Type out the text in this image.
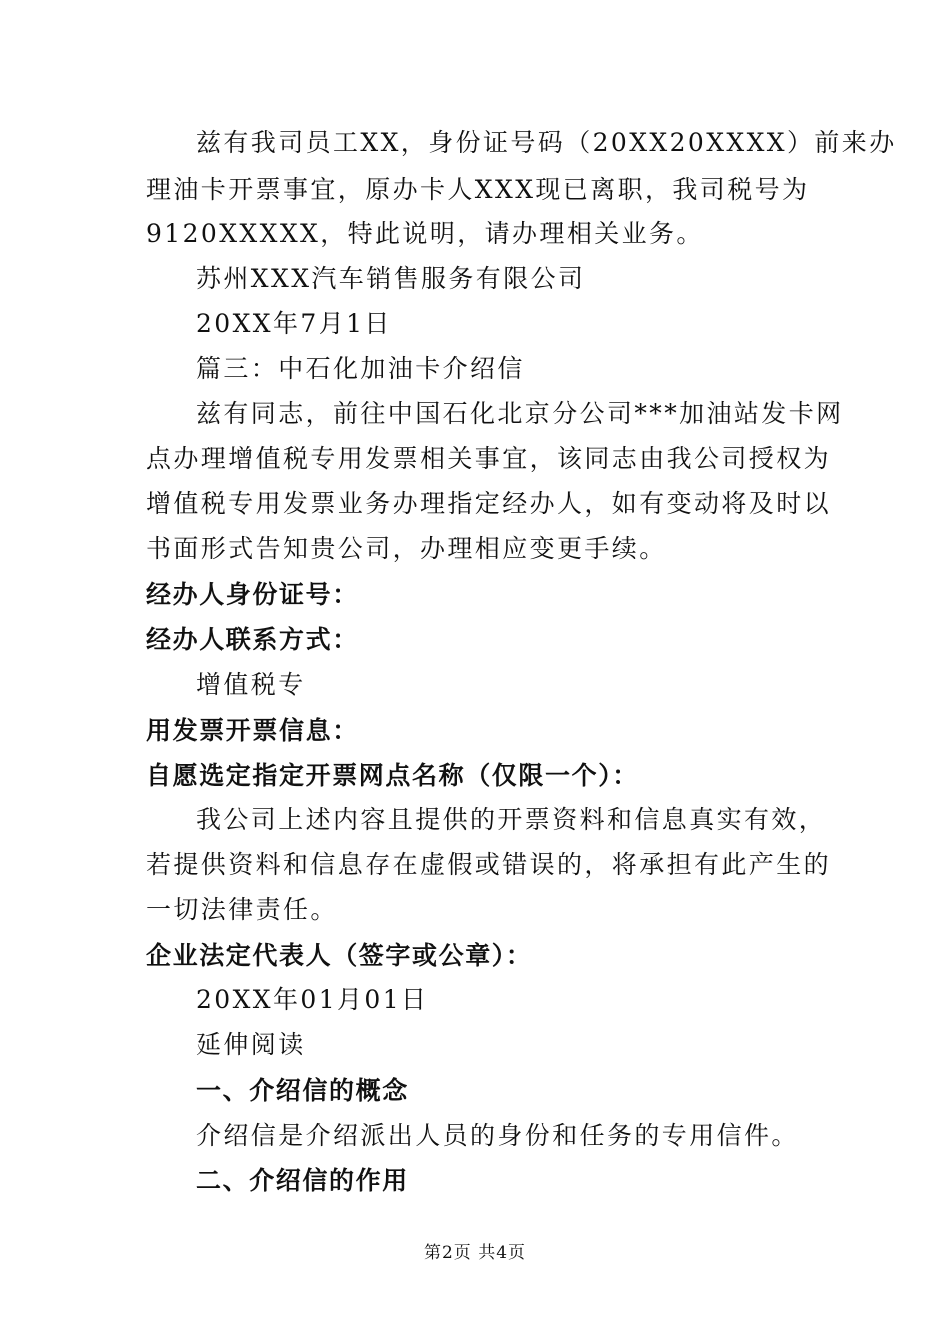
兹有我司员工XX，身份证号码（20XX20XXXX）前来办
理油卡开票事宜，原办卡人XXX现已离职，我司税号为
9120XXXXX，特此说明，请办理相关业务。
苏州XXX汽车销售服务有限公司
20XX年7月1日
篇三：中石化加油卡介绍信
兹有同志，前往中国石化北京分公司***加油站发卡网
点办理增值税专用发票相关事宜，该同志由我公司授权为
增值税专用发票业务办理指定经办人，如有变动将及时以
书面形式告知贵公司，办理相应变更手续。
经办人身份证号：
经办人联系方式：
增值税专
用发票开票信息：
自愿选定指定开票网点名称（仅限一个）：
我公司上述内容且提供的开票资料和信息真实有效，
若提供资料和信息存在虚假或错误的，将承担有此产生的
一切法律责任。
企业法定代表人（签字或公章）：
20XX年01月01日
延伸阅读
一、介绍信的概念
介绍信是介绍派出人员的身份和任务的专用信件。
二、介绍信的作用
第2页 共4页
